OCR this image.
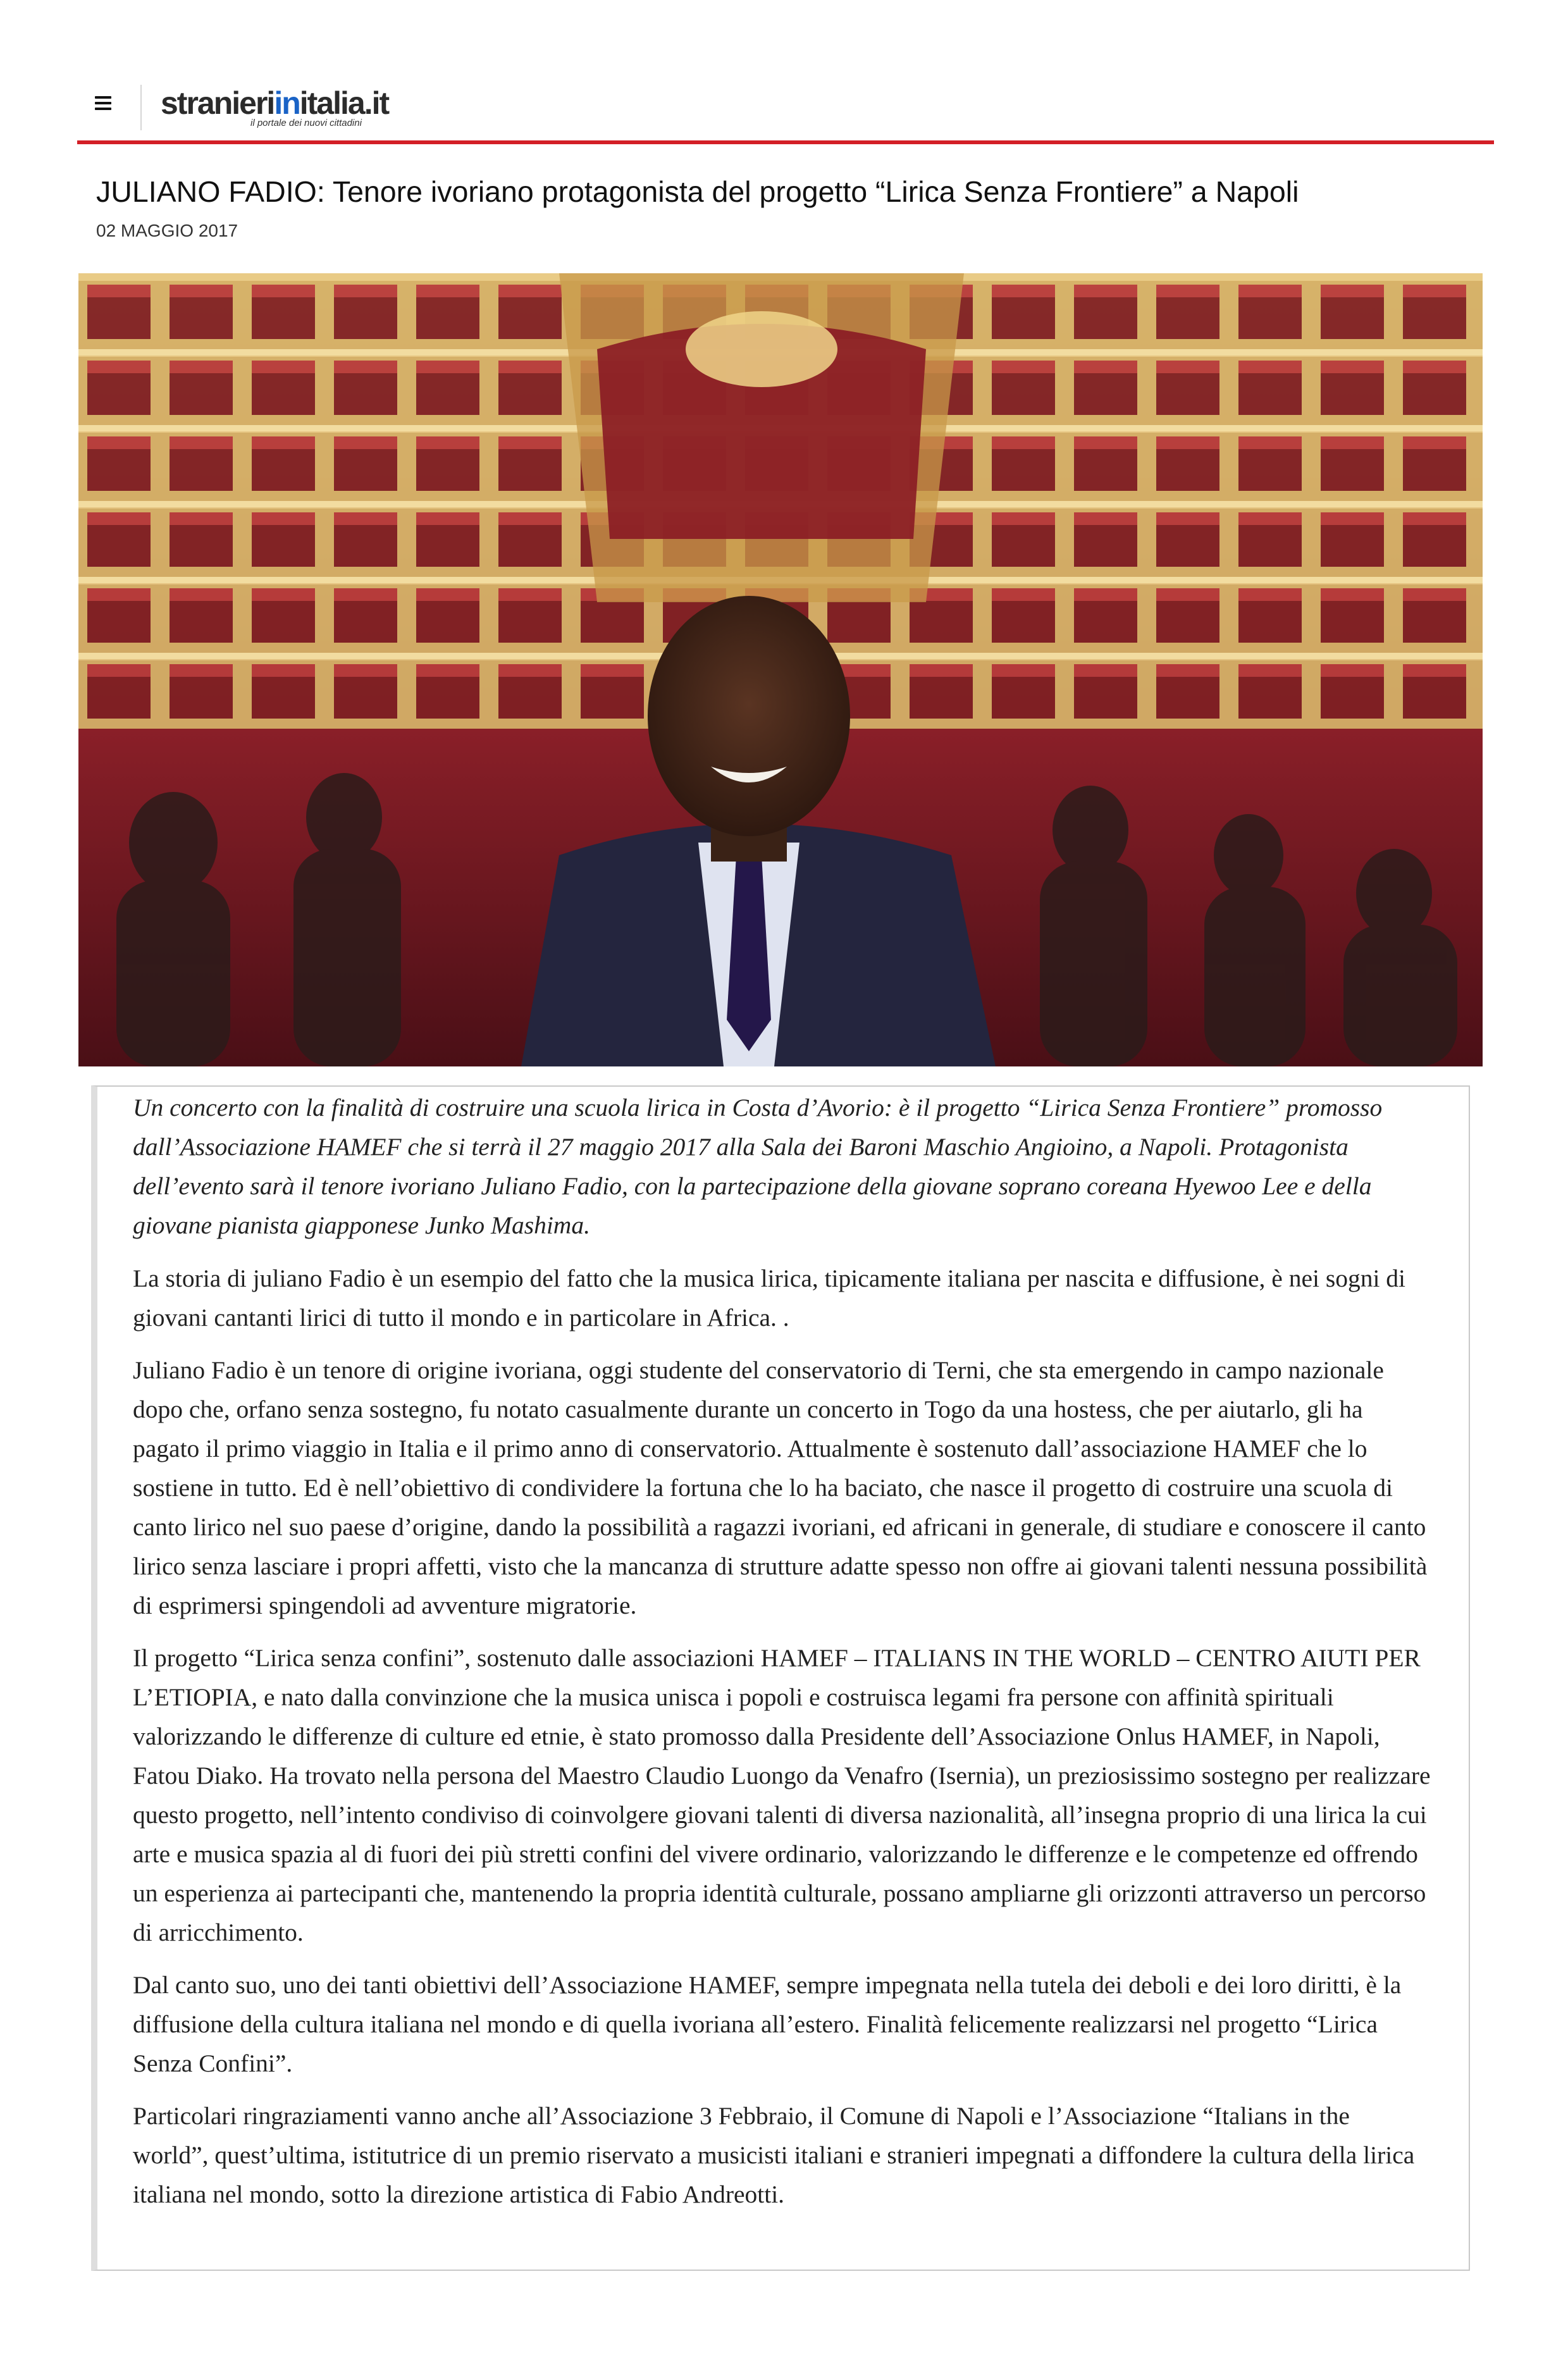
stranieriinitalia.it
il portale dei nuovi cittadini
JULIANO FADIO: Tenore ivoriano protagonista del progetto “Lirica Senza Frontiere” a Napoli
02 MAGGIO 2017

Un concerto con la finalità di costruire una scuola lirica in Costa d’Avorio: è il progetto “Lirica Senza Frontiere” promosso dall’Associazione HAMEF che si terrà il 27 maggio 2017 alla Sala dei Baroni Maschio Angioino, a Napoli. Protagonista dell’evento sarà il tenore ivoriano Juliano Fadio, con la partecipazione della giovane soprano coreana Hyewoo Lee e della giovane pianista giapponese Junko Mashima.

La storia di juliano Fadio è un esempio del fatto che la musica lirica, tipicamente italiana per nascita e diffusione, è nei sogni di giovani cantanti lirici di tutto il mondo e in particolare in Africa. .

Juliano Fadio è un tenore di origine ivoriana, oggi studente del conservatorio di Terni, che sta emergendo in campo nazionale dopo che, orfano senza sostegno, fu notato casualmente durante un concerto in Togo da una hostess, che per aiutarlo, gli ha pagato il primo viaggio in Italia e il primo anno di conservatorio. Attualmente è sostenuto dall’associazione HAMEF che lo sostiene in tutto. Ed è nell’obiettivo di condividere la fortuna che lo ha baciato, che nasce il progetto di costruire una scuola di canto lirico nel suo paese d’origine, dando la possibilità a ragazzi ivoriani, ed africani in generale, di studiare e conoscere il canto lirico senza lasciare i propri affetti, visto che la mancanza di strutture adatte spesso non offre ai giovani talenti nessuna possibilità di esprimersi spingendoli ad avventure migratorie.

Il progetto “Lirica senza confini”, sostenuto dalle associazioni HAMEF – ITALIANS IN THE WORLD – CENTRO AIUTI PER L’ETIOPIA, e nato dalla convinzione che la musica unisca i popoli e costruisca legami fra persone con affinità spirituali valorizzando le differenze di culture ed etnie, è stato promosso dalla Presidente dell’Associazione Onlus HAMEF, in Napoli, Fatou Diako. Ha trovato nella persona del Maestro Claudio Luongo da Venafro (Isernia), un preziosissimo sostegno per realizzare questo progetto, nell’intento condiviso di coinvolgere giovani talenti di diversa nazionalità, all’insegna proprio di una lirica la cui arte e musica spazia al di fuori dei più stretti confini del vivere ordinario, valorizzando le differenze e le competenze ed offrendo un esperienza ai partecipanti che, mantenendo la propria identità culturale, possano ampliarne gli orizzonti attraverso un percorso di arricchimento.

Dal canto suo, uno dei tanti obiettivi dell’Associazione HAMEF, sempre impegnata nella tutela dei deboli e dei loro diritti, è la diffusione della cultura italiana nel mondo e di quella ivoriana all’estero. Finalità felicemente realizzarsi nel progetto “Lirica Senza Confini”.

Particolari ringraziamenti vanno anche all’Associazione 3 Febbraio, il Comune di Napoli e l’Associazione “Italians in the world”, quest’ultima, istitutrice di un premio riservato a musicisti italiani e stranieri impegnati a diffondere la cultura della lirica italiana nel mondo, sotto la direzione artistica di Fabio Andreotti.
